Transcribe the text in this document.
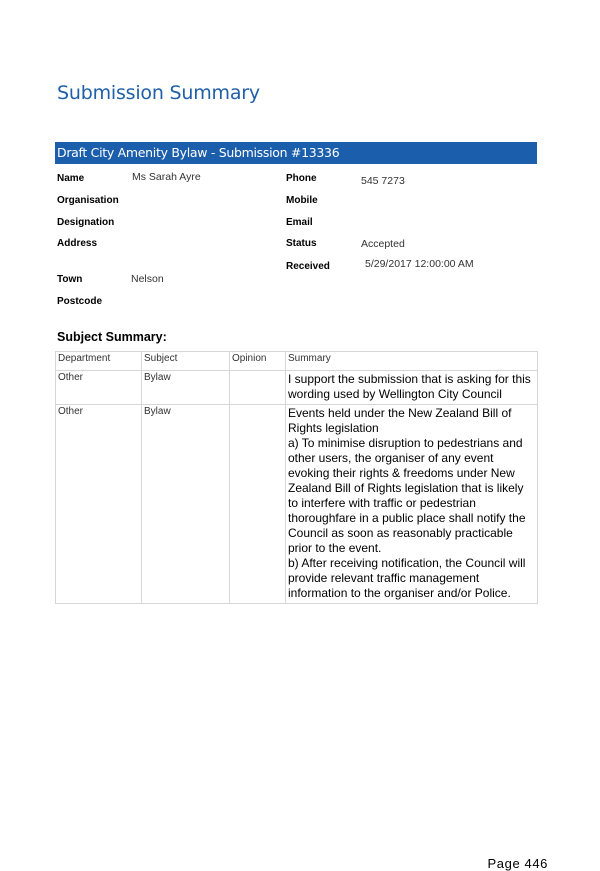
Submission Summary
Draft City Amenity Bylaw - Submission #13336
Name	Ms Sarah Ayre
Organisation
Designation
Address
Town	Nelson
Postcode
Phone	545 7273
Mobile
Email
Status	Accepted
Received	5/29/2017 12:00:00 AM
Subject Summary:
Department	Subject	Opinion	Summary
Other	Bylaw		I support the submission that is asking for this wording used by Wellington City Council
Other	Bylaw		Events held under the New Zealand Bill of Rights legislation
a) To minimise disruption to pedestrians and other users, the organiser of any event evoking their rights & freedoms under New Zealand Bill of Rights legislation that is likely to interfere with traffic or pedestrian thoroughfare in a public place shall notify the Council as soon as reasonably practicable prior to the event.
b) After receiving notification, the Council will provide relevant traffic management information to the organiser and/or Police.
Page 446
